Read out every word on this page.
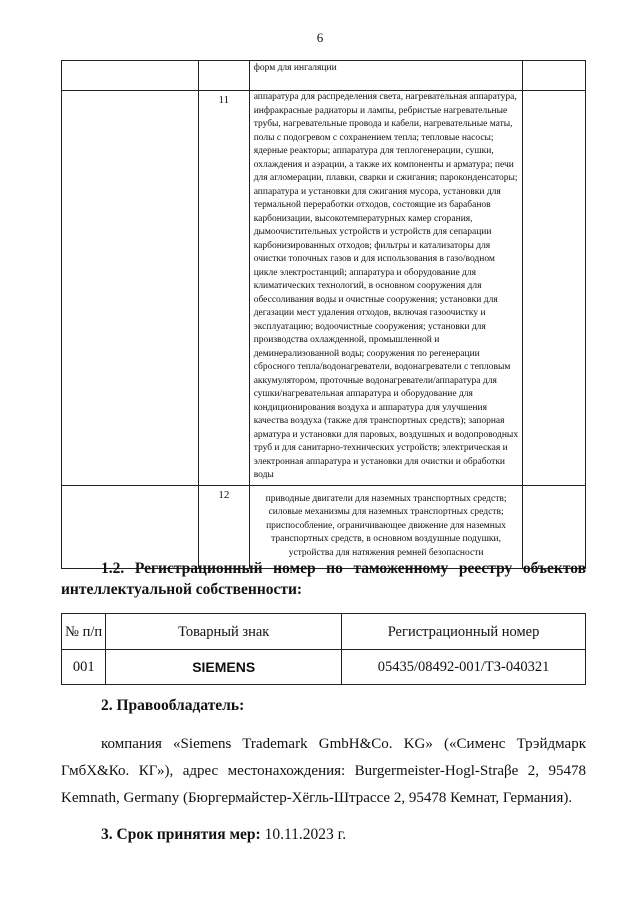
6

		форм для ингаляции	

	11	аппаратура для распределения света, нагревательная аппаратура, инфракрасные радиаторы и лампы, ребристые нагревательные трубы, нагревательные провода и кабели, нагревательные маты, полы с подогревом с сохранением тепла; тепловые насосы; ядерные реакторы; аппаратура для теплогенерации, сушки, охлаждения и аэрации, а также их компоненты и арматура; печи для агломерации, плавки, сварки и сжигания; пароконденсаторы; аппаратура и установки для сжигания мусора, установки для термальной переработки отходов, состоящие из барабанов карбонизации, высокотемпературных камер сгорания, дымоочистительных устройств и устройств для сепарации карбонизированных отходов; фильтры и катализаторы для очистки топочных газов и для использования в газо/водном цикле электростанций; аппаратура и оборудование для климатических технологий, в основном сооружения для обессоливания воды и очистные сооружения; установки для дегазации мест удаления отходов, включая газоочистку и эксплуатацию; водоочистные сооружения; установки для производства охлажденной, промышленной и деминерализованной воды; сооружения по регенерации сбросного тепла/водонагреватели, водонагреватели с тепловым аккумулятором, проточные водонагреватели/аппаратура для сушки/нагревательная аппаратура и оборудование для кондиционирования воздуха и аппаратура для улучшения качества воздуха (также для транспортных средств); запорная арматура и установки для паровых, воздушных и водопроводных труб и для санитарно-технических устройств; электрическая и электронная аппаратура и установки для очистки и обработки воды	

	12	приводные двигатели для наземных транспортных средств; силовые механизмы для наземных транспортных средств; приспособление, ограничивающее движение для наземных транспортных средств, в основном воздушные подушки, устройства для натяжения ремней безопасности	

1.2. Регистрационный номер по таможенному реестру объектов интеллектуальной собственности:
№ п/п	Товарный знак	Регистрационный номер
001	SIEMENS	05435/08492-001/ТЗ-040321
2. Правообладатель:
компания «Siemens Trademark GmbH&Co. KG» («Сименс Трэйдмарк ГмбХ&Ко. КГ»), адрес местонахождения: Burgermeister-Hogl-Straβe 2, 95478 Kemnath, Germany (Бюргермайстер-Хёгль-Штрассе 2, 95478 Кемнат, Германия).
3. Срок принятия мер: 10.11.2023 г.
